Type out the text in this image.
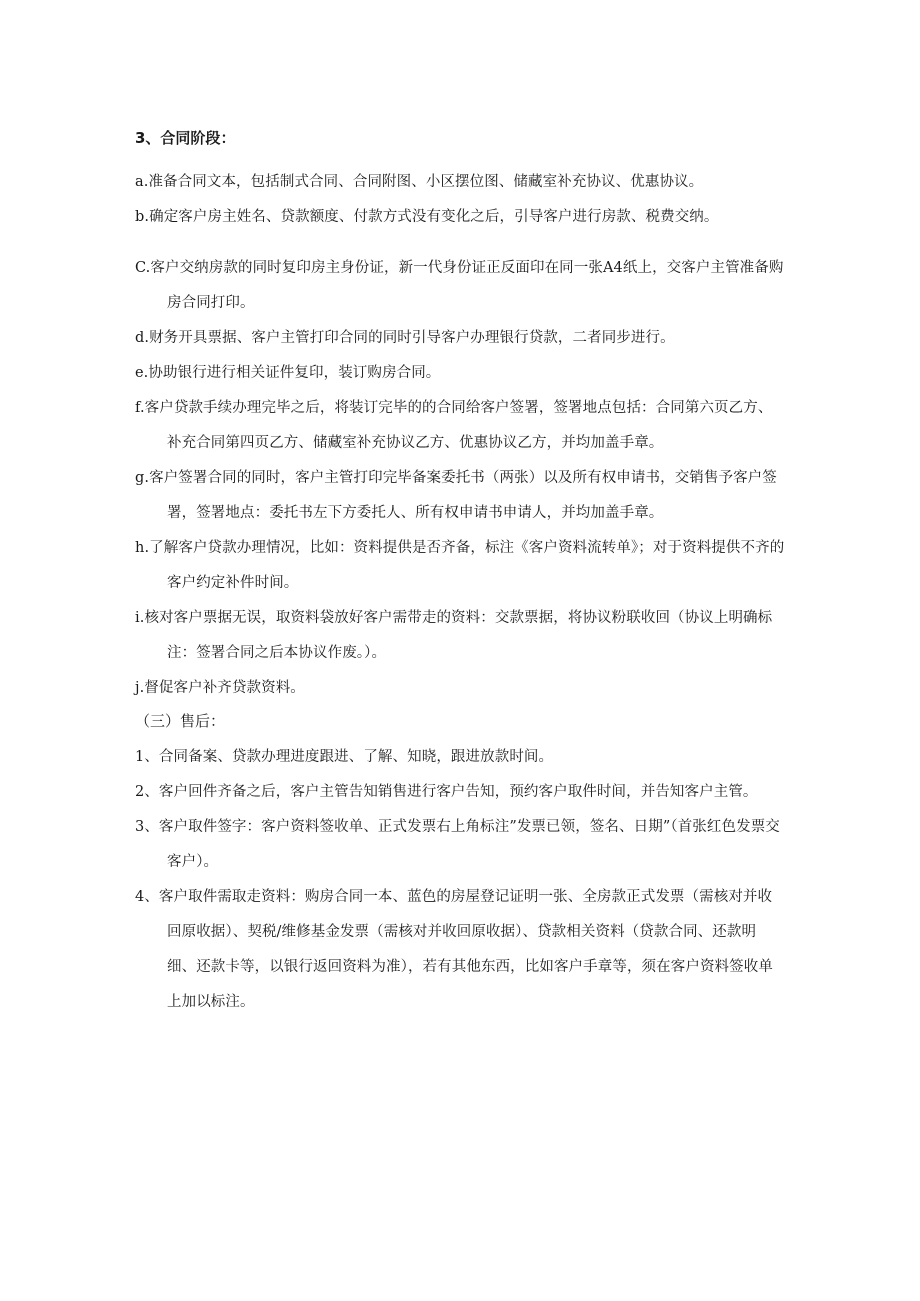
3、合同阶段：

a.准备合同文本，包括制式合同、合同附图、小区摆位图、储藏室补充协议、优惠协议。

b.确定客户房主姓名、贷款额度、付款方式没有变化之后，引导客户进行房款、税费交纳。

C.客户交纳房款的同时复印房主身份证，新一代身份证正反面印在同一张A4纸上，交客户主管准备购房合同打印。

d.财务开具票据、客户主管打印合同的同时引导客户办理银行贷款，二者同步进行。

e.协助银行进行相关证件复印，装订购房合同。

f.客户贷款手续办理完毕之后，将装订完毕的的合同给客户签署，签署地点包括：合同第六页乙方、补充合同第四页乙方、储藏室补充协议乙方、优惠协议乙方，并均加盖手章。

g.客户签署合同的同时，客户主管打印完毕备案委托书（两张）以及所有权申请书，交销售予客户签署，签署地点：委托书左下方委托人、所有权申请书申请人，并均加盖手章。

h.了解客户贷款办理情况，比如：资料提供是否齐备，标注《客户资料流转单》；对于资料提供不齐的客户约定补件时间。

i.核对客户票据无误，取资料袋放好客户需带走的资料：交款票据，将协议粉联收回（协议上明确标注：签署合同之后本协议作废。）。

j.督促客户补齐贷款资料。

（三）售后：

1、合同备案、贷款办理进度跟进、了解、知晓，跟进放款时间。

2、客户回件齐备之后，客户主管告知销售进行客户告知，预约客户取件时间，并告知客户主管。

3、客户取件签字：客户资料签收单、正式发票右上角标注”发票已领，签名、日期”（首张红色发票交客户）。

4、客户取件需取走资料：购房合同一本、蓝色的房屋登记证明一张、全房款正式发票（需核对并收回原收据）、契税/维修基金发票（需核对并收回原收据）、贷款相关资料（贷款合同、还款明细、还款卡等，以银行返回资料为准），若有其他东西，比如客户手章等，须在客户资料签收单上加以标注。
